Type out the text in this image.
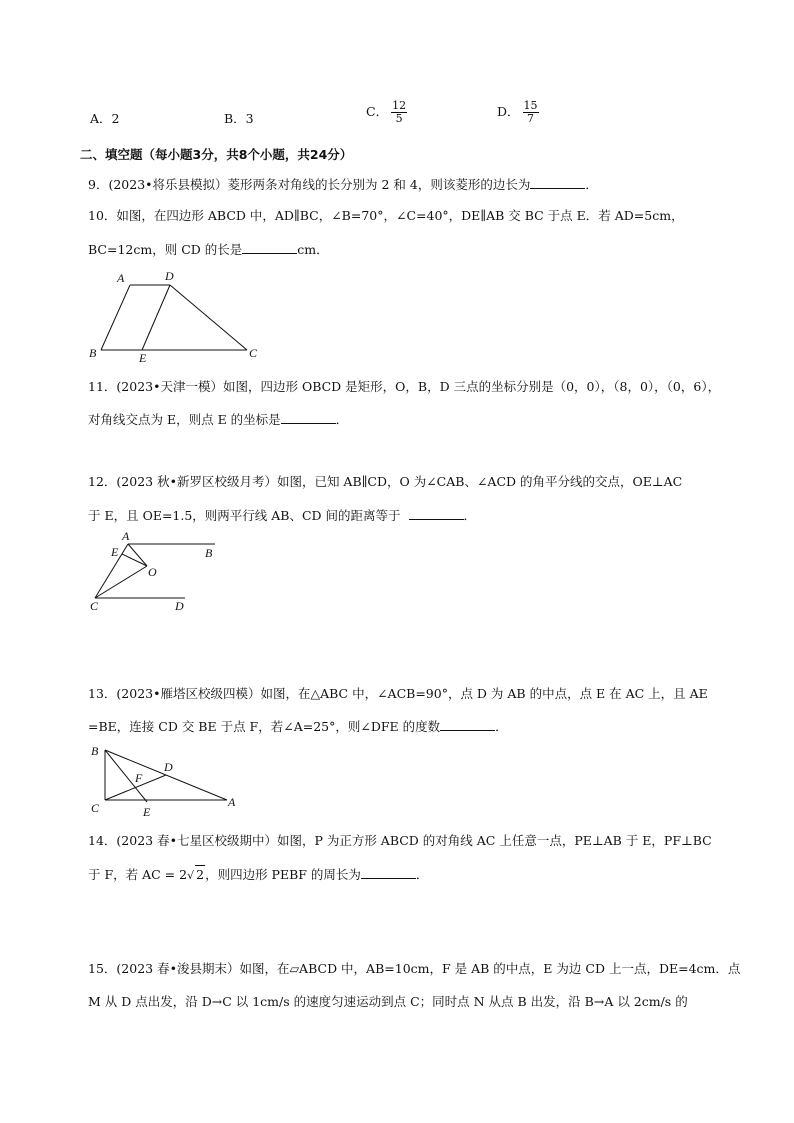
A．2	B．3	C． $\frac{12}{5}$	D． $\frac{15}{7}$
二、填空题（每小题3分，共8个小题，共24分）
9．(2023•将乐县模拟）菱形两条对角线的长分别为 2 和 4，则该菱形的边长为	．
10．如图，在四边形 ABCD 中，AD∥BC，∠B=70°，∠C=40°，DE∥AB 交 BC 于点 E．若 AD=5cm，
BC=12cm，则 CD 的长是	cm．
A	D
B	E	C
11．(2023•天津一模）如图，四边形 OBCD 是矩形，O，B，D 三点的坐标分别是（0，0），（8，0），（0，6），
对角线交点为 E，则点 E 的坐标是	．
12．(2023 秋•新罗区校级月考）如图，已知 AB∥CD，O 为∠CAB、∠ACD 的角平分线的交点，OE⊥AC
于 E，且 OE=1.5，则两平行线 AB、CD 间的距离等于	．
A
E	B
O
C	D
13．(2023•雁塔区校级四模）如图，在△ABC 中，∠ACB=90°，点 D 为 AB 的中点，点 E 在 AC 上，且 AE
=BE，连接 CD 交 BE 于点 F，若∠A=25°，则∠DFE 的度数	．
B
D
F
C	E
A
14．(2023 春•七星区校级期中）如图，P 为正方形 ABCD 的对角线 AC 上任意一点，PE⊥AB 于 E，PF⊥BC
于 F，若 AC = 2√ 2，则四边形 PEBF 的周长为	．
15．(2023 春•浚县期末）如图，在▱ABCD 中，AB=10cm，F 是 AB 的中点，E 为边 CD 上一点，DE=4cm．点
M 从 D 点出发，沿 D→C 以 1cm/s 的速度匀速运动到点 C；同时点 N 从点 B 出发，沿 B→A 以 2cm/s 的
